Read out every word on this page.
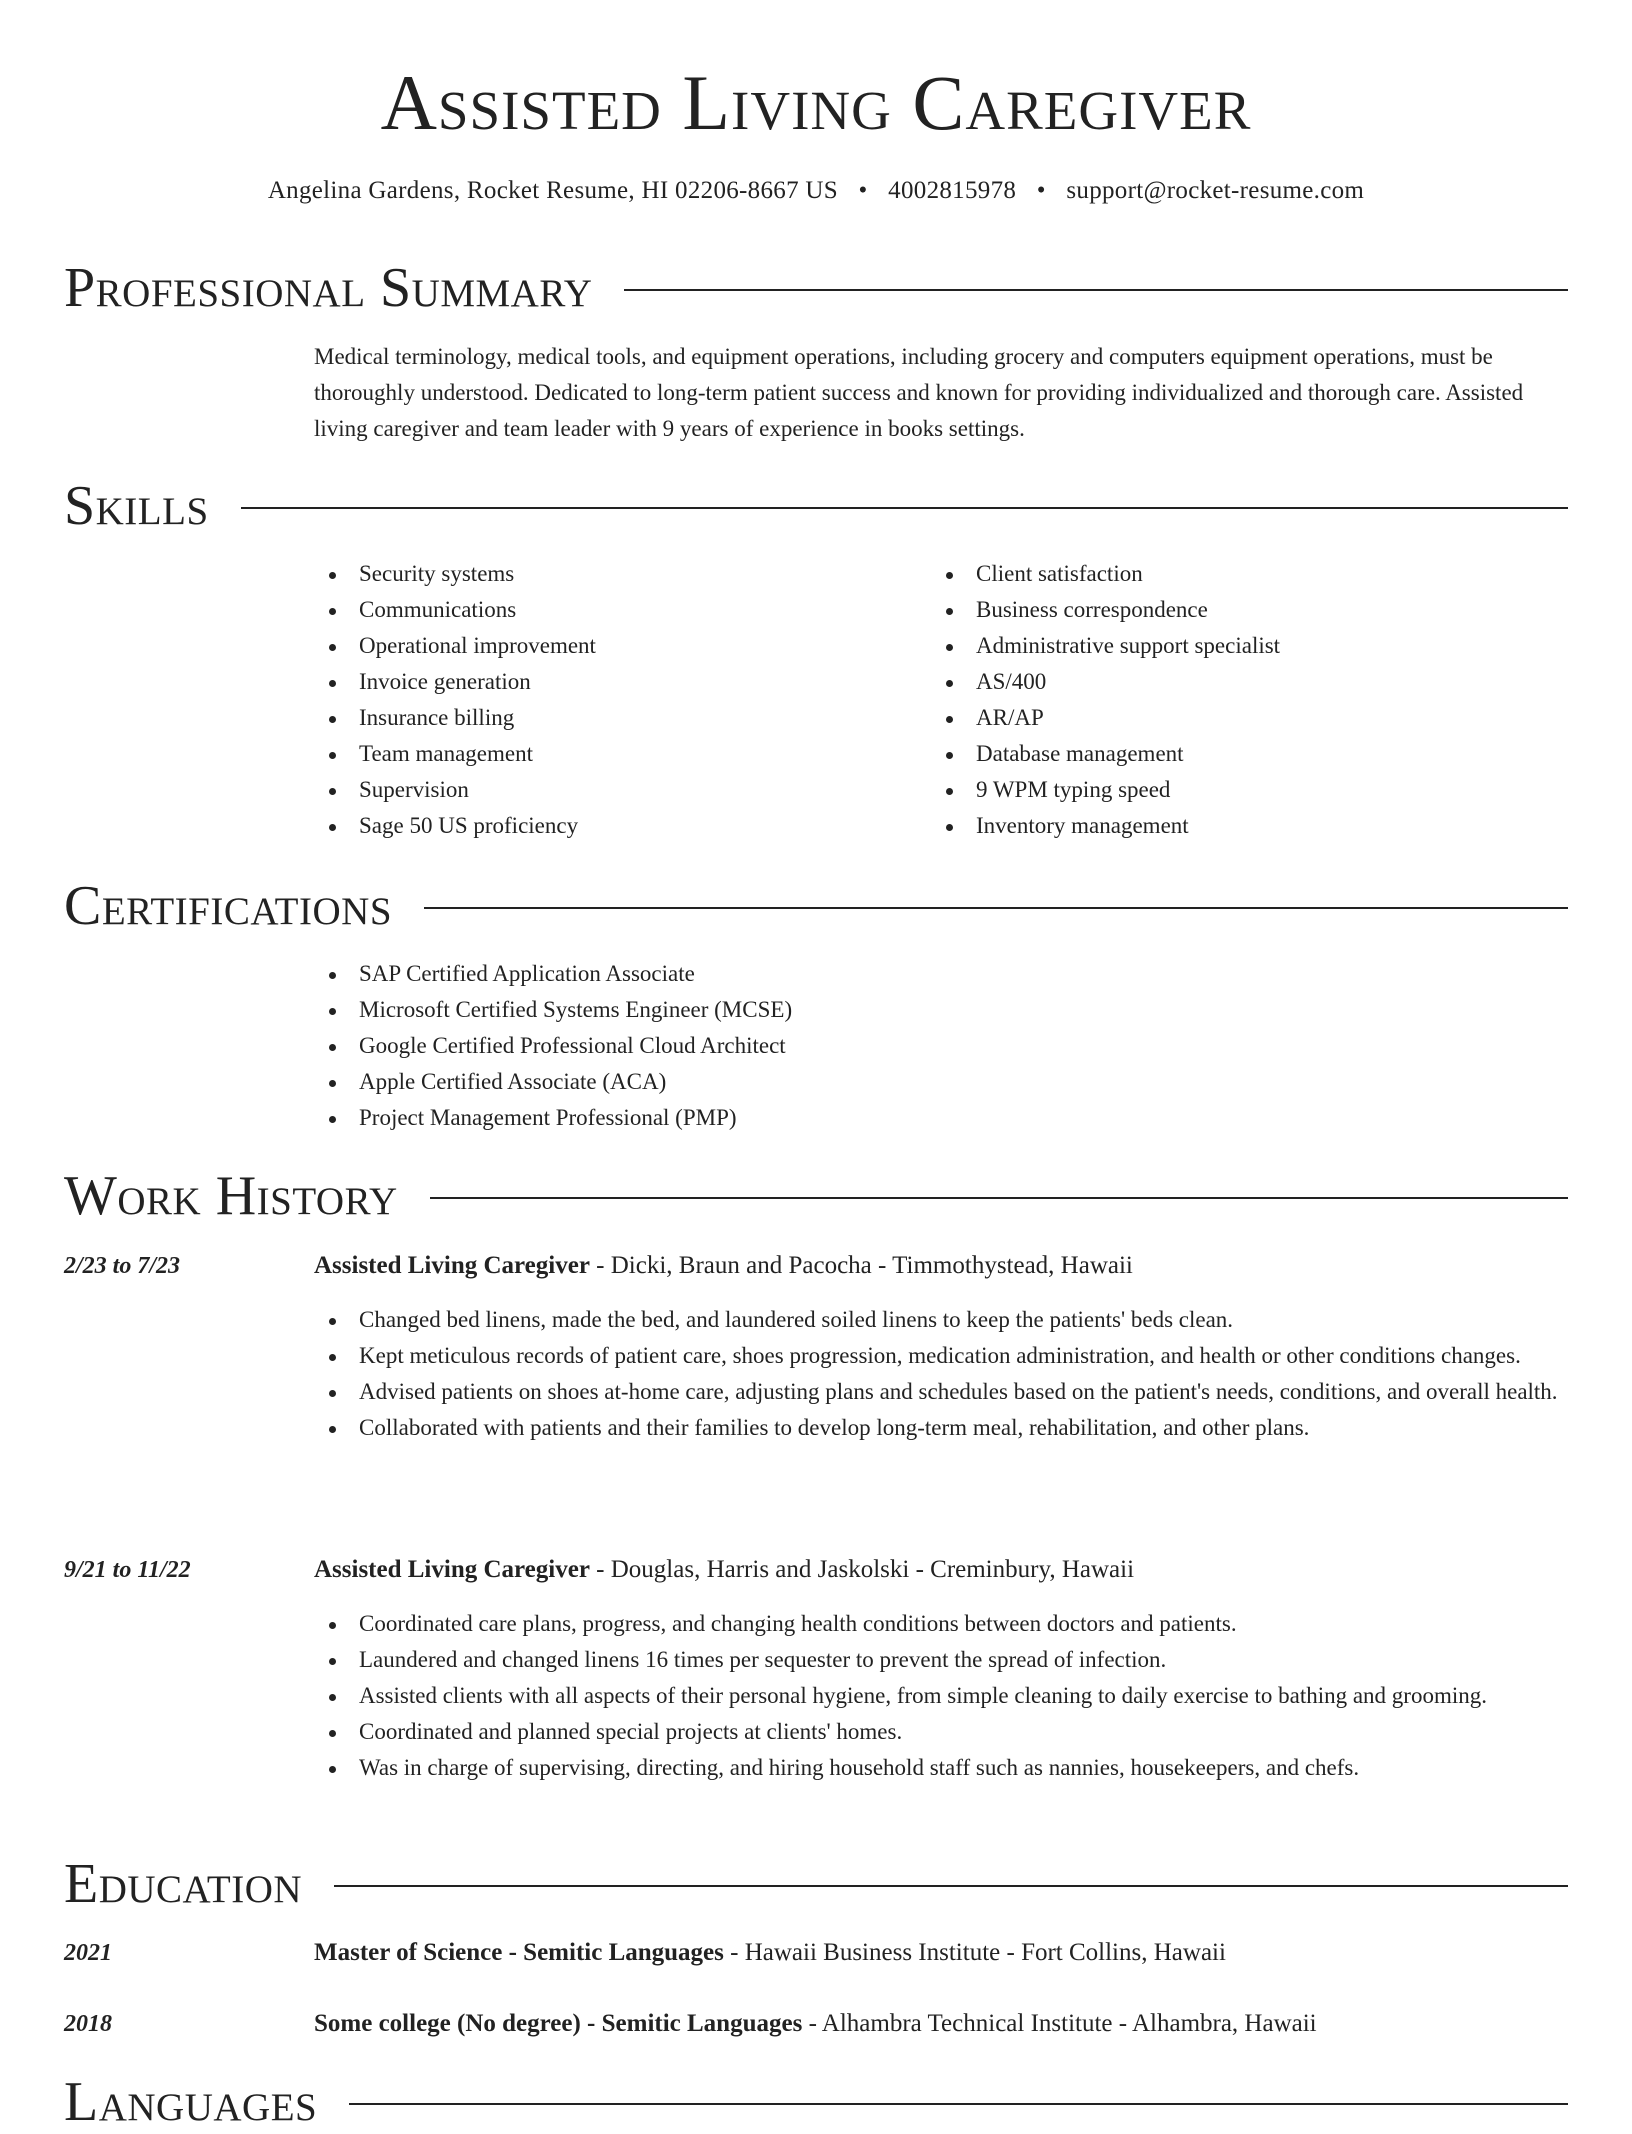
Assisted Living Caregiver
Angelina Gardens, Rocket Resume, HI 02206-8667 US • 4002815978 • support@rocket-resume.com
Professional Summary

Medical terminology, medical tools, and equipment operations, including grocery and computers equipment operations, must be thoroughly understood. Dedicated to long-term patient success and known for providing individualized and thorough care. Assisted living caregiver and team leader with 9 years of experience in books settings.

Skills
Security systems
Communications
Operational improvement
Invoice generation
Insurance billing
Team management
Supervision
Sage 50 US proficiency
Client satisfaction
Business correspondence
Administrative support specialist
AS/400
AR/AP
Database management
9 WPM typing speed
Inventory management
Certifications
SAP Certified Application Associate
Microsoft Certified Systems Engineer (MCSE)
Google Certified Professional Cloud Architect
Apple Certified Associate (ACA)
Project Management Professional (PMP)
Work History
2/23 to 7/23	Assisted Living Caregiver - Dicki, Braun and Pacocha - Timmothystead, Hawaii
Changed bed linens, made the bed, and laundered soiled linens to keep the patients' beds clean.
Kept meticulous records of patient care, shoes progression, medication administration, and health or other conditions changes.
Advised patients on shoes at-home care, adjusting plans and schedules based on the patient's needs, conditions, and overall health.
Collaborated with patients and their families to develop long-term meal, rehabilitation, and other plans.
9/21 to 11/22	Assisted Living Caregiver - Douglas, Harris and Jaskolski - Creminbury, Hawaii
Coordinated care plans, progress, and changing health conditions between doctors and patients.
Laundered and changed linens 16 times per sequester to prevent the spread of infection.
Assisted clients with all aspects of their personal hygiene, from simple cleaning to daily exercise to bathing and grooming.
Coordinated and planned special projects at clients' homes.
Was in charge of supervising, directing, and hiring household staff such as nannies, housekeepers, and chefs.
Education
2021	Master of Science - Semitic Languages - Hawaii Business Institute - Fort Collins, Hawaii
2018	Some college (No degree) - Semitic Languages - Alhambra Technical Institute - Alhambra, Hawaii
Languages
